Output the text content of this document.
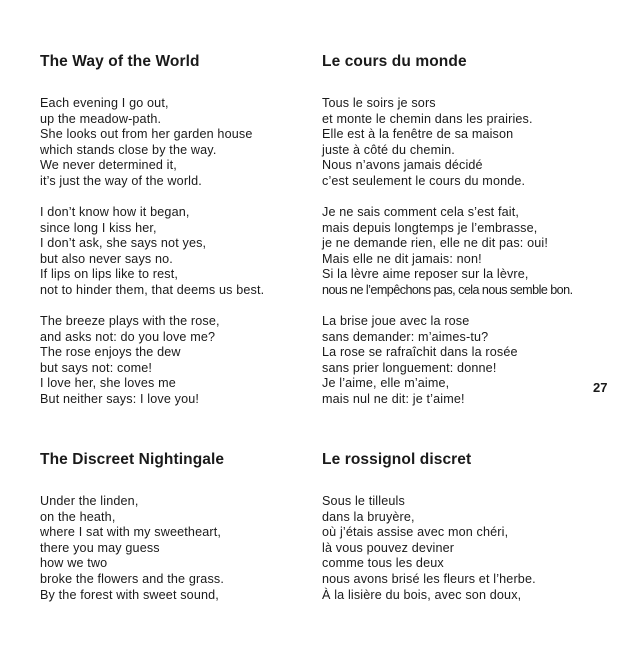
The Way of the World
Each evening I go out,
up the meadow-path.
She looks out from her garden house
which stands close by the way.
We never determined it,
it’s just the way of the world.
I don’t know how it began,
since long I kiss her,
I don’t ask, she says not yes,
but also never says no.
If lips on lips like to rest,
not to hinder them, that deems us best.
The breeze plays with the rose,
and asks not: do you love me?
The rose enjoys the dew
but says not: come!
I love her, she loves me
But neither says: I love you!
Le cours du monde
Tous le soirs je sors
et monte le chemin dans les prairies.
Elle est à la fenêtre de sa maison
juste à côté du chemin.
Nous n’avons jamais décidé
c’est seulement le cours du monde.
Je ne sais comment cela s’est fait,
mais depuis longtemps je l’embrasse,
je ne demande rien, elle ne dit pas: oui!
Mais elle ne dit jamais: non!
Si la lèvre aime reposer sur la lèvre,
nous ne l’empêchons pas, cela nous semble bon.
La brise joue avec la rose
sans demander: m’aimes-tu?
La rose se rafraîchit dans la rosée
sans prier longuement: donne!
Je l’aime, elle m’aime,
mais nul ne dit: je t’aime!
27
The Discreet Nightingale
Under the linden,
on the heath,
where I sat with my sweetheart,
there you may guess
how we two
broke the flowers and the grass.
By the forest with sweet sound,
Le rossignol discret
Sous le tilleuls
dans la bruyère,
où j’étais assise avec mon chéri,
là vous pouvez deviner
comme tous les deux
nous avons brisé les fleurs et l’herbe.
À la lisière du bois, avec son doux,
